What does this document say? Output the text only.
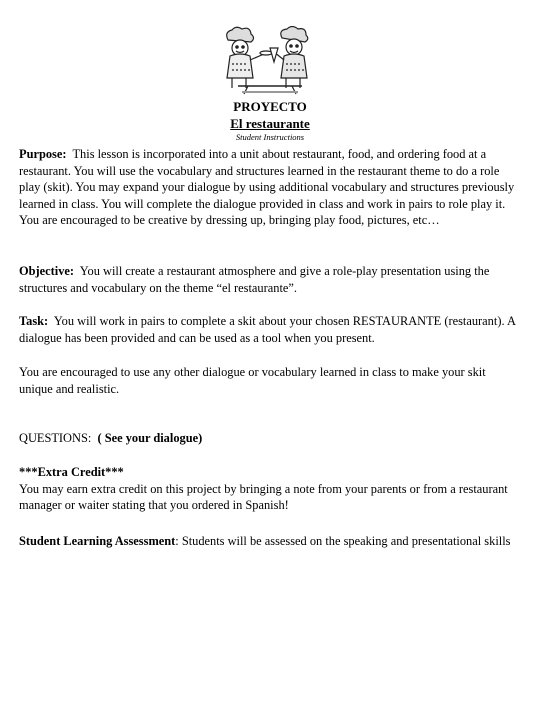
PROYECTO
El restaurante
Student Instructions

Purpose: This lesson is incorporated into a unit about restaurant, food, and ordering food at a restaurant. You will use the vocabulary and structures learned in the restaurant theme to do a role play (skit). You may expand your dialogue by using additional vocabulary and structures previously learned in class. You will complete the dialogue provided in class and work in pairs to role play it. You are encouraged to be creative by dressing up, bringing play food, pictures, etc…

Objective: You will create a restaurant atmosphere and give a role-play presentation using the structures and vocabulary on the theme “el restaurante”.

Task: You will work in pairs to complete a skit about your chosen RESTAURANTE (restaurant). A dialogue has been provided and can be used as a tool when you present.

You are encouraged to use any other dialogue or vocabulary learned in class to make your skit unique and realistic.

QUESTIONS: ( See your dialogue)

***Extra Credit***
You may earn extra credit on this project by bringing a note from your parents or from a restaurant manager or waiter stating that you ordered in Spanish!

Student Learning Assessment: Students will be assessed on the speaking and presentational skills
